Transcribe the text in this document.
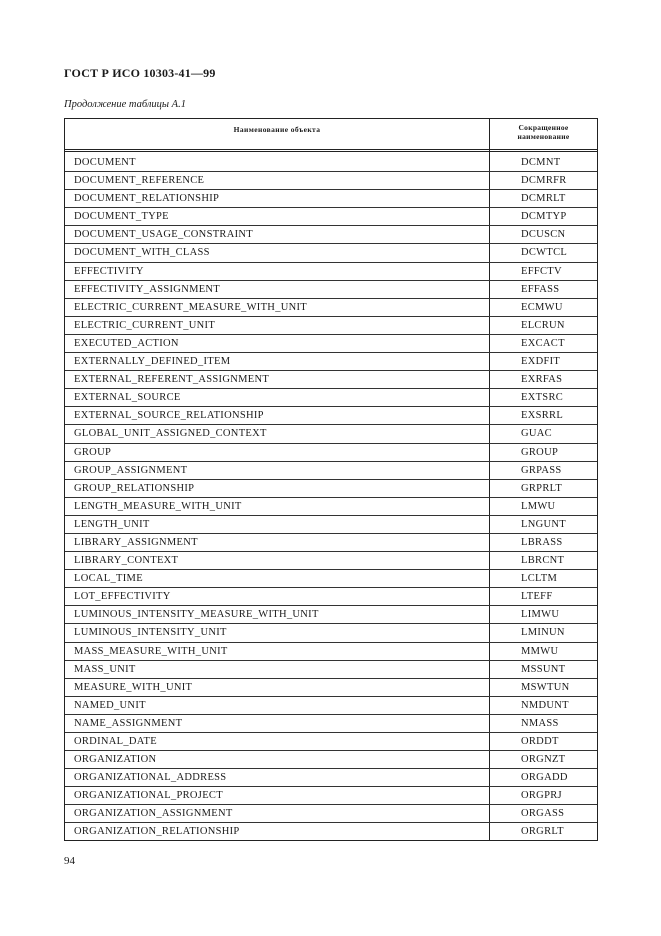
ГОСТ Р ИСО 10303-41—99
Продолжение таблицы А.1
Наименование объекта	Сокращенное
наименование
DOCUMENT	DCMNT
DOCUMENT_REFERENCE	DCMRFR
DOCUMENT_RELATIONSHIP	DCMRLT
DOCUMENT_TYPE	DCMTYP
DOCUMENT_USAGE_CONSTRAINT	DCUSCN
DOCUMENT_WITH_CLASS	DCWTCL
EFFECTIVITY	EFFCTV
EFFECTIVITY_ASSIGNMENT	EFFASS
ELECTRIC_CURRENT_MEASURE_WITH_UNIT	ECMWU
ELECTRIC_CURRENT_UNIT	ELCRUN
EXECUTED_ACTION	EXCACT
EXTERNALLY_DEFINED_ITEM	EXDFIT
EXTERNAL_REFERENT_ASSIGNMENT	EXRFAS
EXTERNAL_SOURCE	EXTSRC
EXTERNAL_SOURCE_RELATIONSHIP	EXSRRL
GLOBAL_UNIT_ASSIGNED_CONTEXT	GUAC
GROUP	GROUP
GROUP_ASSIGNMENT	GRPASS
GROUP_RELATIONSHIP	GRPRLT
LENGTH_MEASURE_WITH_UNIT	LMWU
LENGTH_UNIT	LNGUNT
LIBRARY_ASSIGNMENT	LBRASS
LIBRARY_CONTEXT	LBRCNT
LOCAL_TIME	LCLTM
LOT_EFFECTIVITY	LTEFF
LUMINOUS_INTENSITY_MEASURE_WITH_UNIT	LIMWU
LUMINOUS_INTENSITY_UNIT	LMINUN
MASS_MEASURE_WITH_UNIT	MMWU
MASS_UNIT	MSSUNT
MEASURE_WITH_UNIT	MSWTUN
NAMED_UNIT	NMDUNT
NAME_ASSIGNMENT	NMASS
ORDINAL_DATE	ORDDT
ORGANIZATION	ORGNZT
ORGANIZATIONAL_ADDRESS	ORGADD
ORGANIZATIONAL_PROJECT	ORGPRJ
ORGANIZATION_ASSIGNMENT	ORGASS
ORGANIZATION_RELATIONSHIP	ORGRLT
94
